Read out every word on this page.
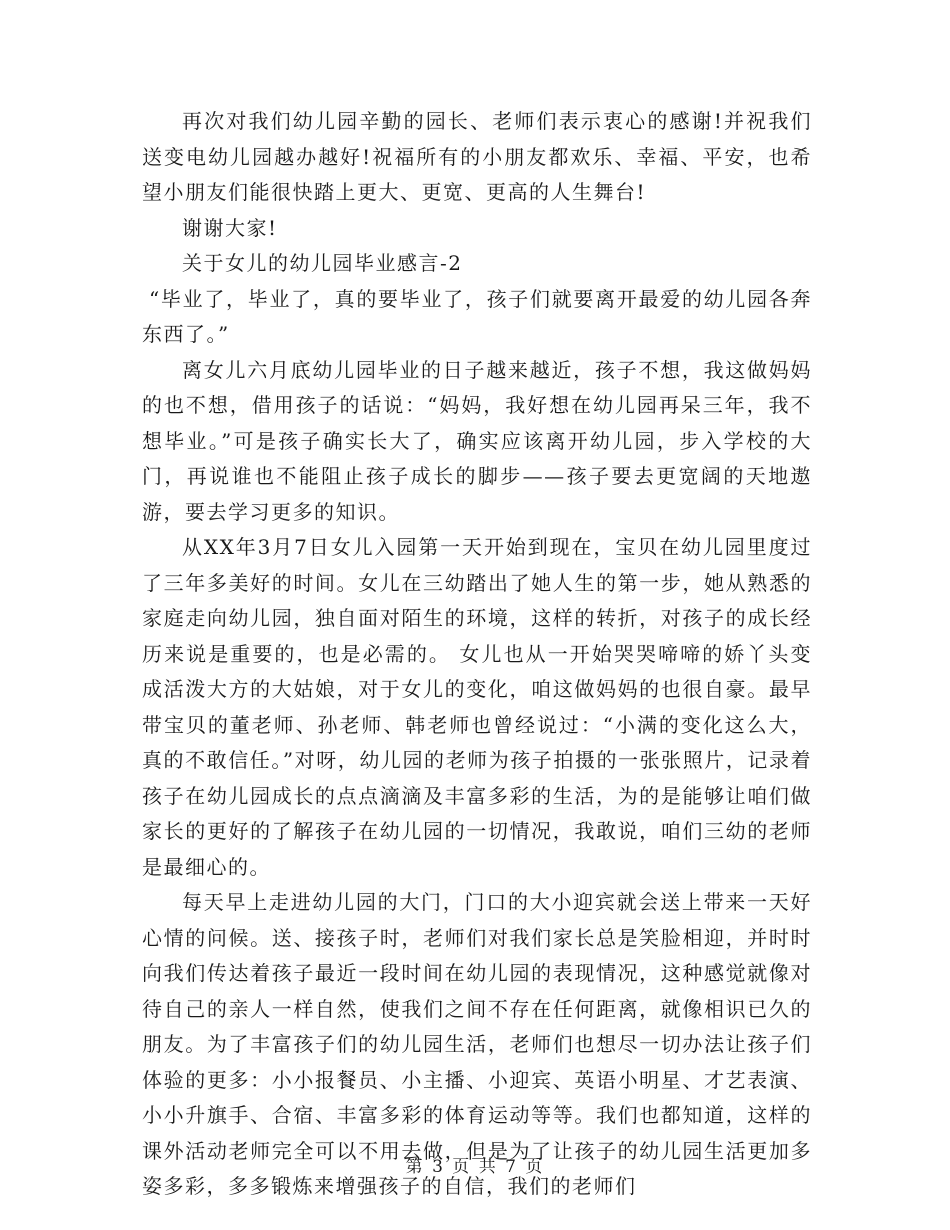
再次对我们幼儿园辛勤的园长、老师们表示衷心的感谢!并祝我们送变电幼儿园越办越好!祝福所有的小朋友都欢乐、幸福、平安，也希望小朋友们能很快踏上更大、更宽、更高的人生舞台!

谢谢大家!

关于女儿的幼儿园毕业感言-2

“毕业了，毕业了，真的要毕业了，孩子们就要离开最爱的幼儿园各奔东西了。”

离女儿六月底幼儿园毕业的日子越来越近，孩子不想，我这做妈妈的也不想，借用孩子的话说：“妈妈，我好想在幼儿园再呆三年，我不想毕业。”可是孩子确实长大了，确实应该离开幼儿园，步入学校的大门，再说谁也不能阻止孩子成长的脚步——孩子要去更宽阔的天地遨游，要去学习更多的知识。

从XX年3月7日女儿入园第一天开始到现在，宝贝在幼儿园里度过了三年多美好的时间。女儿在三幼踏出了她人生的第一步，她从熟悉的家庭走向幼儿园，独自面对陌生的环境，这样的转折，对孩子的成长经历来说是重要的，也是必需的。 女儿也从一开始哭哭啼啼的娇丫头变成活泼大方的大姑娘，对于女儿的变化，咱这做妈妈的也很自豪。最早带宝贝的董老师、孙老师、韩老师也曾经说过：“小满的变化这么大，真的不敢信任。”对呀，幼儿园的老师为孩子拍摄的一张张照片，记录着孩子在幼儿园成长的点点滴滴及丰富多彩的生活，为的是能够让咱们做家长的更好的了解孩子在幼儿园的一切情况，我敢说，咱们三幼的老师是最细心的。

每天早上走进幼儿园的大门，门口的大小迎宾就会送上带来一天好心情的问候。送、接孩子时，老师们对我们家长总是笑脸相迎，并时时向我们传达着孩子最近一段时间在幼儿园的表现情况，这种感觉就像对待自己的亲人一样自然，使我们之间不存在任何距离，就像相识已久的朋友。为了丰富孩子们的幼儿园生活，老师们也想尽一切办法让孩子们体验的更多：小小报餐员、小主播、小迎宾、英语小明星、才艺表演、小小升旗手、合宿、丰富多彩的体育运动等等。我们也都知道，这样的课外活动老师完全可以不用去做，但是为了让孩子的幼儿园生活更加多姿多彩，多多锻炼来增强孩子的自信，我们的老师们

第 3 页 共 7 页
